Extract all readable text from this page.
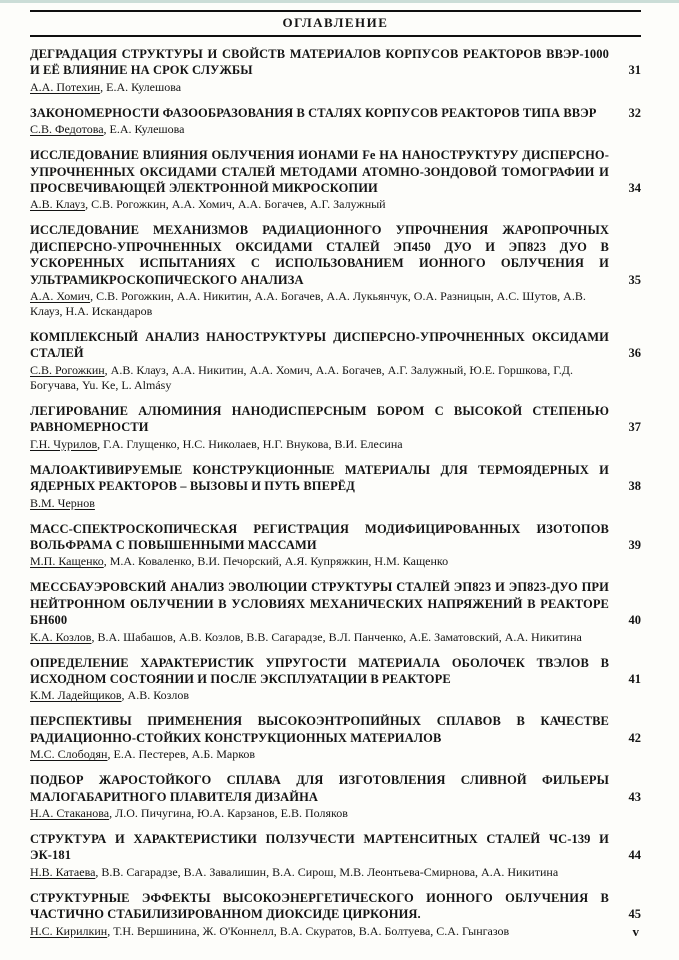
ОГЛАВЛЕНИЕ
ДЕГРАДАЦИЯ СТРУКТУРЫ И СВОЙСТВ МАТЕРИАЛОВ КОРПУСОВ РЕАКТОРОВ ВВЭР-1000 И ЕЁ ВЛИЯНИЕ НА СРОК СЛУЖБЫ	31
А.А. Потехин, Е.А. Кулешова
ЗАКОНОМЕРНОСТИ ФАЗООБРАЗОВАНИЯ В СТАЛЯХ КОРПУСОВ РЕАКТОРОВ ТИПА ВВЭР	32
С.В. Федотова, Е.А. Кулешова
ИССЛЕДОВАНИЕ ВЛИЯНИЯ ОБЛУЧЕНИЯ ИОНАМИ Fe НА НАНОСТРУКТУРУ ДИСПЕРСНО-УПРОЧНЕННЫХ ОКСИДАМИ СТАЛЕЙ МЕТОДАМИ АТОМНО-ЗОНДОВОЙ ТОМОГРАФИИ И ПРОСВЕЧИВАЮЩЕЙ ЭЛЕКТРОННОЙ МИКРОСКОПИИ	34
А.В. Клауз, С.В. Рогожкин, А.А. Хомич, А.А. Богачев, А.Г. Залужный
ИССЛЕДОВАНИЕ МЕХАНИЗМОВ РАДИАЦИОННОГО УПРОЧНЕНИЯ ЖАРОПРОЧНЫХ ДИСПЕРСНО-УПРОЧНЕННЫХ ОКСИДАМИ СТАЛЕЙ ЭП450 ДУО И ЭП823 ДУО В УСКОРЕННЫХ ИСПЫТАНИЯХ С ИСПОЛЬЗОВАНИЕМ ИОННОГО ОБЛУЧЕНИЯ И УЛЬТРАМИКРОСКОПИЧЕСКОГО АНАЛИЗА	35
А.А. Хомич, С.В. Рогожкин, А.А. Никитин, А.А. Богачев, А.А. Лукьянчук, О.А. Разницын, А.С. Шутов, А.В. Клауз, Н.А. Искандаров
КОМПЛЕКСНЫЙ АНАЛИЗ НАНОСТРУКТУРЫ ДИСПЕРСНО-УПРОЧНЕННЫХ ОКСИДАМИ СТАЛЕЙ	36
С.В. Рогожкин, А.В. Клауз, А.А. Никитин, А.А. Хомич, А.А. Богачев, А.Г. Залужный, Ю.Е. Горшкова, Г.Д. Богучава, Yu. Ke, L. Almásy
ЛЕГИРОВАНИЕ АЛЮМИНИЯ НАНОДИСПЕРСНЫМ БОРОМ С ВЫСОКОЙ СТЕПЕНЬЮ РАВНОМЕРНОСТИ	37
Г.Н. Чурилов, Г.А. Глущенко, Н.С. Николаев, Н.Г. Внукова, В.И. Елесина
МАЛОАКТИВИРУЕМЫЕ КОНСТРУКЦИОННЫЕ МАТЕРИАЛЫ ДЛЯ ТЕРМОЯДЕРНЫХ И ЯДЕРНЫХ РЕАКТОРОВ – ВЫЗОВЫ И ПУТЬ ВПЕРЁД	38
В.М. Чернов
МАСС-СПЕКТРОСКОПИЧЕСКАЯ РЕГИСТРАЦИЯ МОДИФИЦИРОВАННЫХ ИЗОТОПОВ ВОЛЬФРАМА С ПОВЫШЕННЫМИ МАССАМИ	39
М.П. Кащенко, М.А. Коваленко, В.И. Печорский, А.Я. Купряжкин, Н.М. Кащенко
МЕССБАУЭРОВСКИЙ АНАЛИЗ ЭВОЛЮЦИИ СТРУКТУРЫ СТАЛЕЙ ЭП823 И ЭП823-ДУО ПРИ НЕЙТРОННОМ ОБЛУЧЕНИИ В УСЛОВИЯХ МЕХАНИЧЕСКИХ НАПРЯЖЕНИЙ В РЕАКТОРЕ БН600	40
К.А. Козлов, В.А. Шабашов, А.В. Козлов, В.В. Сагарадзе, В.Л. Панченко, А.Е. Заматовский, А.А. Никитина
ОПРЕДЕЛЕНИЕ ХАРАКТЕРИСТИК УПРУГОСТИ МАТЕРИАЛА ОБОЛОЧЕК ТВЭЛОВ В ИСХОДНОМ СОСТОЯНИИ И ПОСЛЕ ЭКСПЛУАТАЦИИ В РЕАКТОРЕ	41
К.М. Ладейщиков, А.В. Козлов
ПЕРСПЕКТИВЫ ПРИМЕНЕНИЯ ВЫСОКОЭНТРОПИЙНЫХ СПЛАВОВ В КАЧЕСТВЕ РАДИАЦИОННО-СТОЙКИХ КОНСТРУКЦИОННЫХ МАТЕРИАЛОВ	42
М.С. Слободян, Е.А. Пестерев, А.Б. Марков
ПОДБОР ЖАРОСТОЙКОГО СПЛАВА ДЛЯ ИЗГОТОВЛЕНИЯ СЛИВНОЙ ФИЛЬЕРЫ МАЛОГАБАРИТНОГО ПЛАВИТЕЛЯ ДИЗАЙНА	43
Н.А. Стаканова, Л.О. Пичугина, Ю.А. Карзанов, Е.В. Поляков
СТРУКТУРА И ХАРАКТЕРИСТИКИ ПОЛЗУЧЕСТИ МАРТЕНСИТНЫХ СТАЛЕЙ ЧС-139 И ЭК-181	44
Н.В. Катаева, В.В. Сагарадзе, В.А. Завалишин, В.А. Сирош, М.В. Леонтьева-Смирнова, А.А. Никитина
СТРУКТУРНЫЕ ЭФФЕКТЫ ВЫСОКОЭНЕРГЕТИЧЕСКОГО ИОННОГО ОБЛУЧЕНИЯ В ЧАСТИЧНО СТАБИЛИЗИРОВАННОМ ДИОКСИДЕ ЦИРКОНИЯ.	45
Н.С. Кирилкин, Т.Н. Вершинина, Ж. О'Коннелл, В.А. Скуратов, В.А. Болтуева, С.А. Гынгазов	v
